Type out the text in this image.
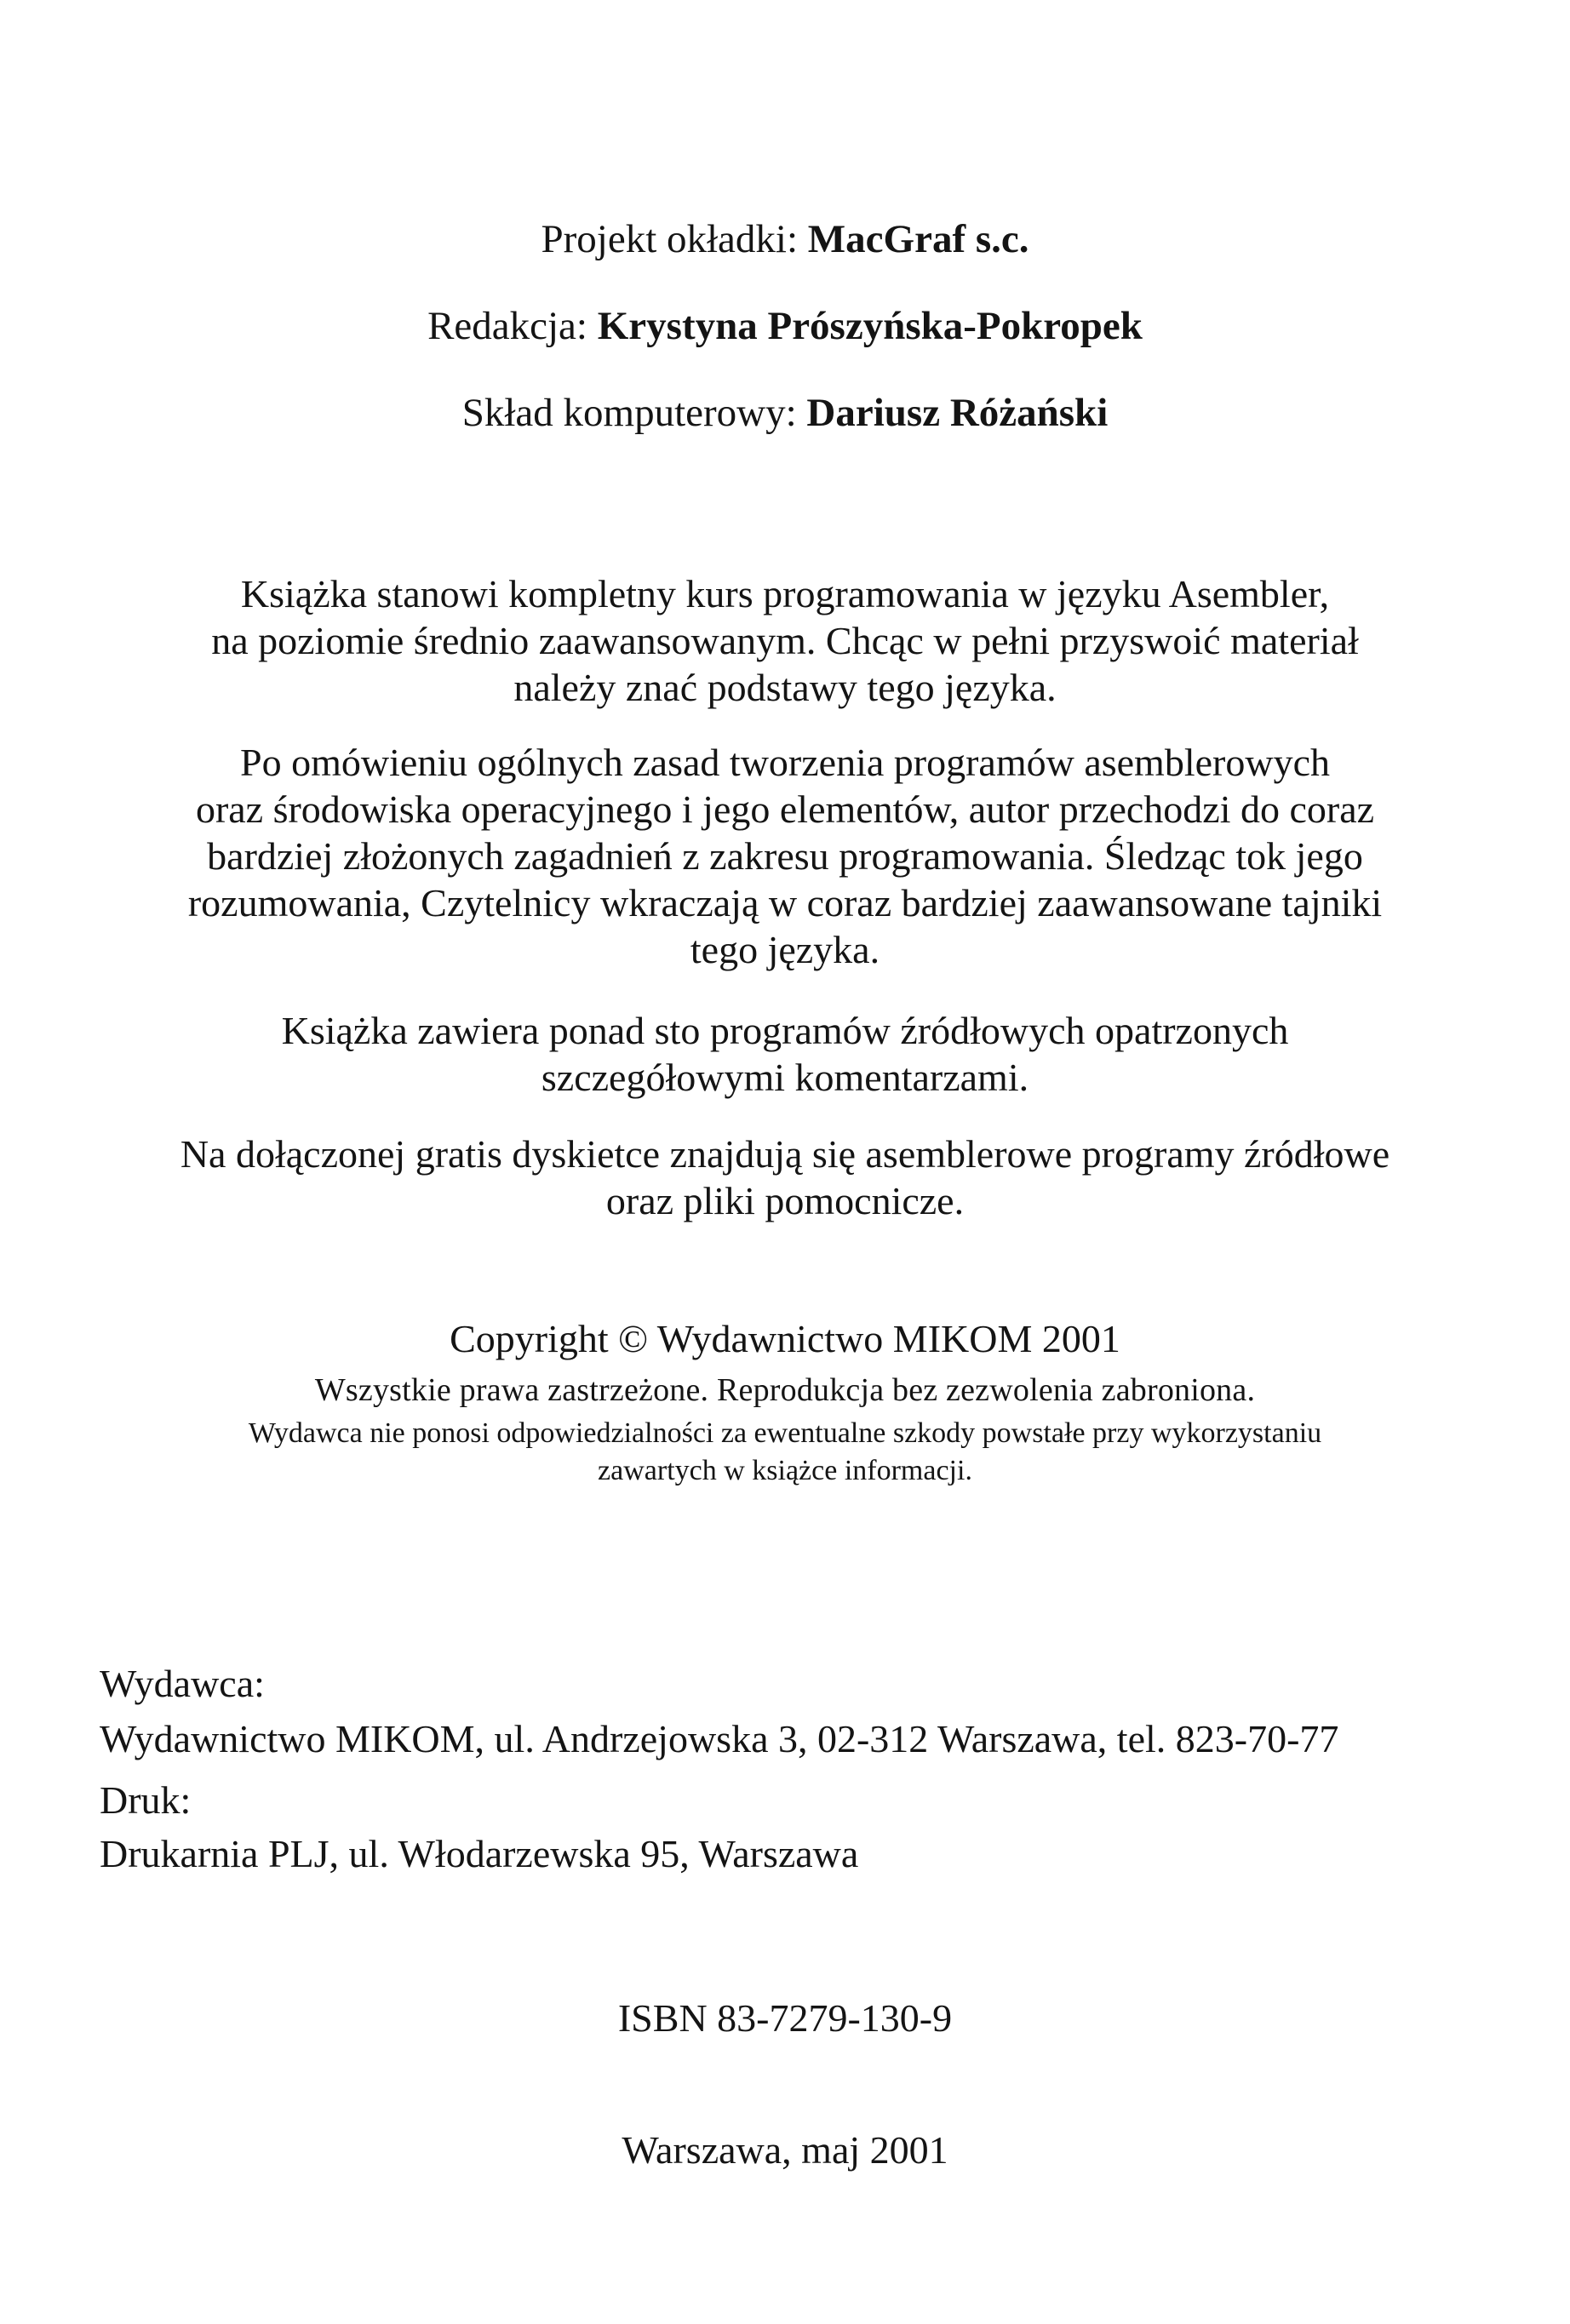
Projekt okładki: MacGraf s.c.
Redakcja: Krystyna Prószyńska-Pokropek
Skład komputerowy: Dariusz Różański
Książka stanowi kompletny kurs programowania w języku Asembler,
na poziomie średnio zaawansowanym. Chcąc w pełni przyswoić materiał
należy znać podstawy tego języka.
Po omówieniu ogólnych zasad tworzenia programów asemblerowych
oraz środowiska operacyjnego i jego elementów, autor przechodzi do coraz
bardziej złożonych zagadnień z zakresu programowania. Śledząc tok jego
rozumowania, Czytelnicy wkraczają w coraz bardziej zaawansowane tajniki
tego języka.
Książka zawiera ponad sto programów źródłowych opatrzonych
szczegółowymi komentarzami.
Na dołączonej gratis dyskietce znajdują się asemblerowe programy źródłowe
oraz pliki pomocnicze.
Copyright © Wydawnictwo MIKOM 2001
Wszystkie prawa zastrzeżone. Reprodukcja bez zezwolenia zabroniona.
Wydawca nie ponosi odpowiedzialności za ewentualne szkody powstałe przy wykorzystaniu
zawartych w książce informacji.
Wydawca:
Wydawnictwo MIKOM, ul. Andrzejowska 3, 02-312 Warszawa, tel. 823-70-77
Druk:
Drukarnia PLJ, ul. Włodarzewska 95, Warszawa
ISBN 83-7279-130-9
Warszawa, maj 2001
